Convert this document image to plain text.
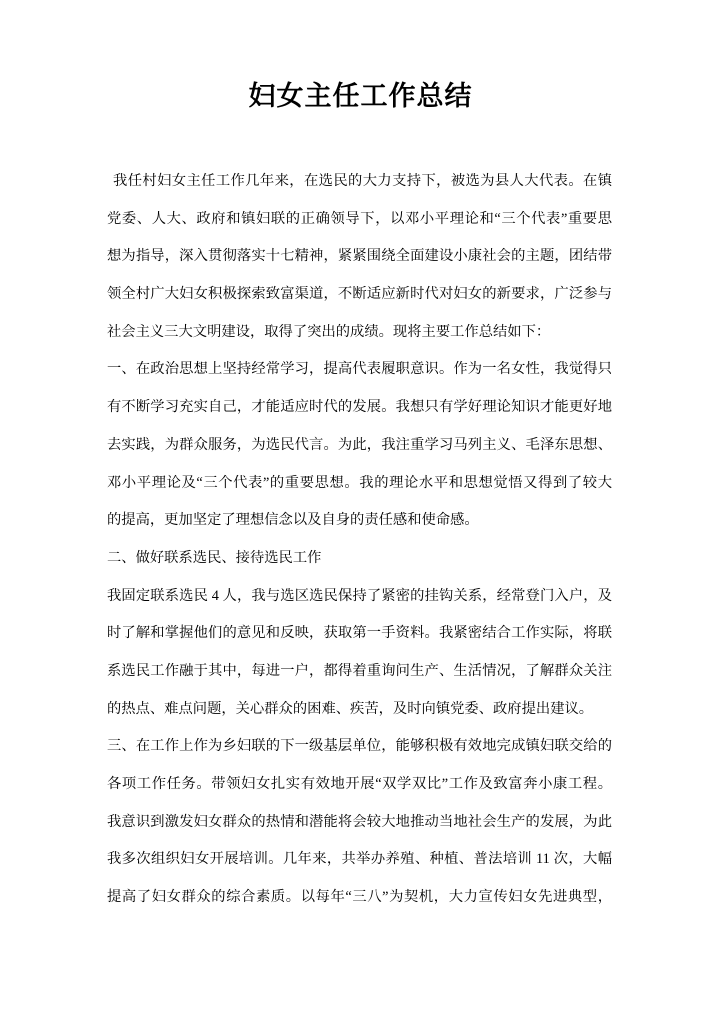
妇女主任工作总结
我任村妇女主任工作几年来，在选民的大力支持下，被选为县人大代表。在镇
党委、人大、政府和镇妇联的正确领导下，以邓小平理论和“三个代表”重要思
想为指导，深入贯彻落实十七精神，紧紧围绕全面建设小康社会的主题，团结带
领全村广大妇女积极探索致富渠道，不断适应新时代对妇女的新要求，广泛参与
社会主义三大文明建设，取得了突出的成绩。现将主要工作总结如下：
一、在政治思想上坚持经常学习，提高代表履职意识。作为一名女性，我觉得只
有不断学习充实自己，才能适应时代的发展。我想只有学好理论知识才能更好地
去实践，为群众服务，为选民代言。为此，我注重学习马列主义、毛泽东思想、
邓小平理论及“三个代表”的重要思想。我的理论水平和思想觉悟又得到了较大
的提高，更加坚定了理想信念以及自身的责任感和使命感。
二、做好联系选民、接待选民工作
我固定联系选民 4 人，我与选区选民保持了紧密的挂钩关系，经常登门入户，及
时了解和掌握他们的意见和反映，获取第一手资料。我紧密结合工作实际，将联
系选民工作融于其中，每进一户，都得着重询问生产、生活情况，了解群众关注
的热点、难点问题，关心群众的困难、疾苦，及时向镇党委、政府提出建议。
三、在工作上作为乡妇联的下一级基层单位，能够积极有效地完成镇妇联交给的
各项工作任务。带领妇女扎实有效地开展“双学双比”工作及致富奔小康工程。
我意识到激发妇女群众的热情和潜能将会较大地推动当地社会生产的发展，为此
我多次组织妇女开展培训。几年来，共举办养殖、种植、普法培训 11 次，大幅
提高了妇女群众的综合素质。以每年“三八”为契机，大力宣传妇女先进典型，
